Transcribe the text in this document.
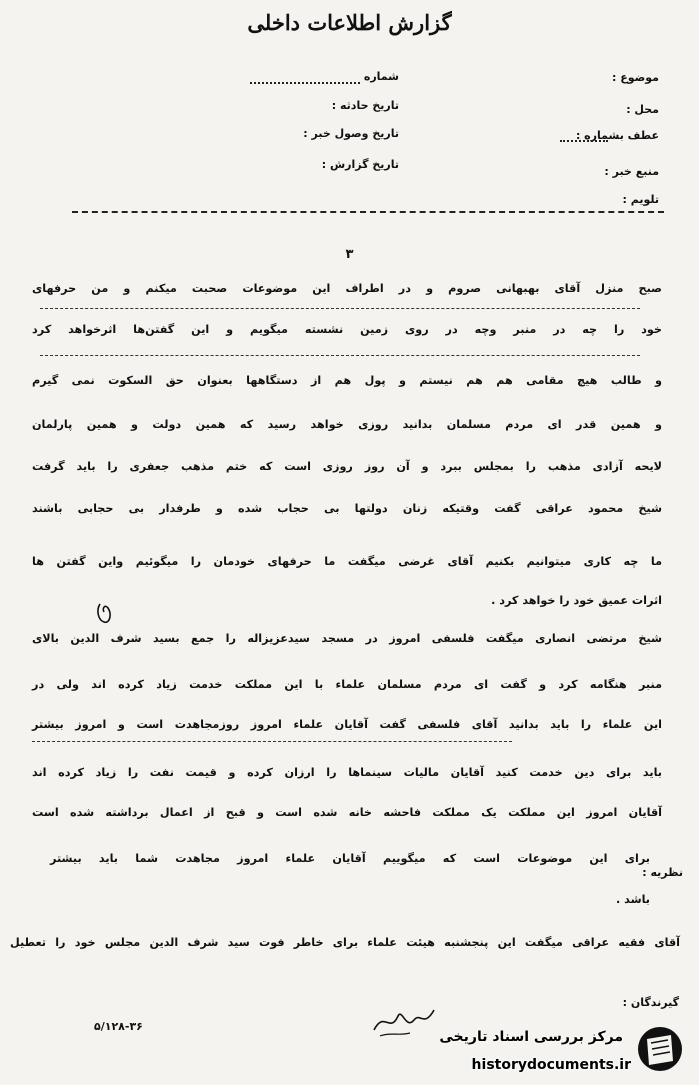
گزارش اطلاعات داخلی
موضوع :
محل :
عطف بشماره :
منبع خبر :
تلویم :
شماره
تاریخ حادثه :
تاریخ وصول خبر :
تاریخ گزارش :
۳
صبح منزل آقای بهبهانی صروم و در اطراف این موضوعات صحبت میکنم و من حرفهای
خود را چه در منبر وچه در روی زمین نشسته میگویم و این گفتن‌ها اثرخواهد کرد
و طالب هیچ مقامی هم هم نیستم و پول هم از دستگاهها بعنوان حق السکوت نمی گیرم
و همین قدر ای مردم مسلمان بدانید روزی خواهد رسید که همین دولت و همین پارلمان
لایحه آزادی مذهب را بمجلس ببرد و آن روز روزی است که ختم مذهب جعفری را باید گرفت
شیخ محمود عراقی گفت وقتیکه زنان دولتها بی حجاب شده و طرفدار بی حجابی باشند
ما چه کاری میتوانیم بکنیم آقای غرضی میگفت ما حرفهای خودمان را میگوئیم واین گفتن ها
اثرات عمیق خود را خواهد کرد .
شیخ مرتضی انصاری میگفت فلسفی امروز در مسجد سیدعزیزاله را جمع بسید شرف الدین بالای
منبر هنگامه کرد و گفت ای مردم مسلمان علماء با این مملکت خدمت زیاد کرده اند ولی در
این علماء را باید بدانید آقای فلسفی گفت آقایان علماء امروز روزمجاهدت است و امروز بیشتر
باید برای دین خدمت کنید آقایان مالیات سینماها را ارزان کرده و قیمت نفت را زیاد کرده اند
آقایان امروز این مملکت یک مملکت فاحشه خانه شده است و قبح از اعمال برداشته شده است
برای این موضوعات است که میگوییم آقایان علماء امروز مجاهدت شما باید بیشتر
باشد .
آقای فقیه عراقی میگفت این پنجشنبه هیئت علماء برای خاطر فوت سید شرف الدین مجلس خود را تعطیل
نظریه :
گیرندگان :
۵/۱۲۸-۳۶
مرکز بررسی اسناد تاریخی
historydocuments.ir
